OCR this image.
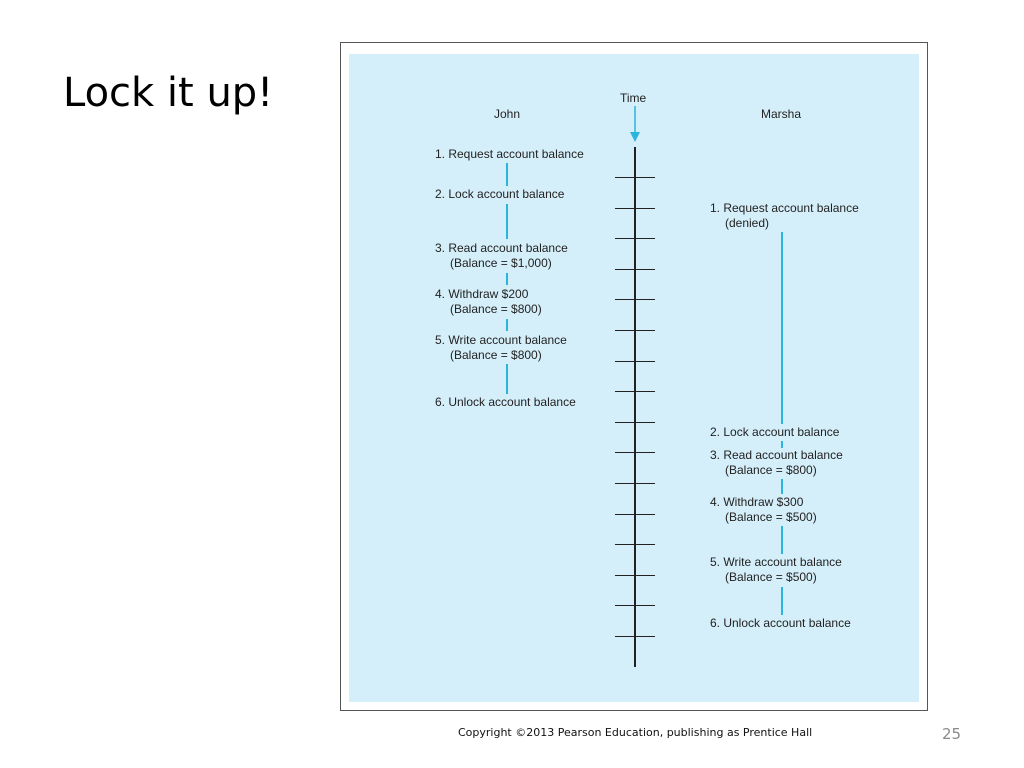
Lock it up!	John
Time
Marsha
1. Request account balance
2. Lock account balance
3. Read account balance
(Balance = $1,000)
4. Withdraw $200
(Balance = $800)
5. Write account balance
(Balance = $800)
6. Unlock account balance
1. Request account balance
(denied)
2. Lock account balance
3. Read account balance
(Balance = $800)
4. Withdraw $300
(Balance = $500)
5. Write account balance
(Balance = $500)
6. Unlock account balance
Copyright ©2013 Pearson Education, publishing as Prentice Hall	25
